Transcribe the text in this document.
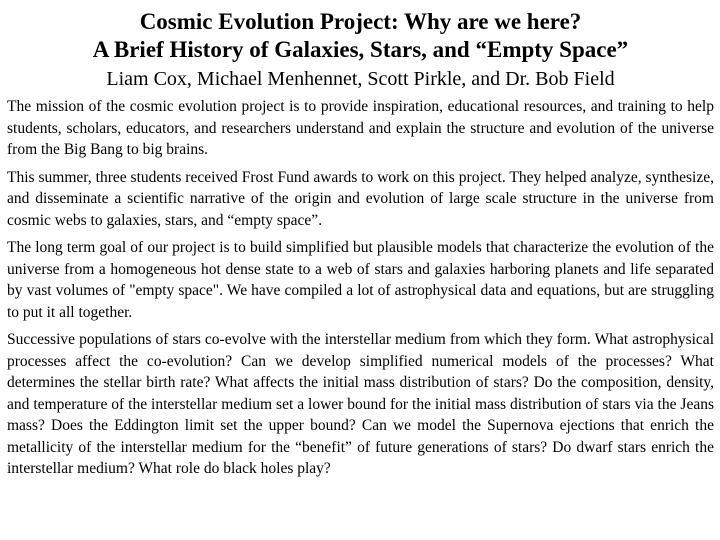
Cosmic Evolution Project: Why are we here?
A Brief History of Galaxies, Stars, and “Empty Space”
Liam Cox, Michael Menhennet, Scott Pirkle, and Dr. Bob Field

The mission of the cosmic evolution project is to provide inspiration, educational resources, and training to help students, scholars, educators, and researchers understand and explain the structure and evolution of the universe from the Big Bang to big brains.

This summer, three students received Frost Fund awards to work on this project. They helped analyze, synthesize, and disseminate a scientific narrative of the origin and evolution of large scale structure in the universe from cosmic webs to galaxies, stars, and “empty space”.

The long term goal of our project is to build simplified but plausible models that characterize the evolution of the universe from a homogeneous hot dense state to a web of stars and galaxies harboring planets and life separated by vast volumes of "empty space". We have compiled a lot of astrophysical data and equations, but are struggling to put it all together.

Successive populations of stars co-evolve with the interstellar medium from which they form. What astrophysical processes affect the co-evolution? Can we develop simplified numerical models of the processes? What determines the stellar birth rate? What affects the initial mass distribution of stars? Do the composition, density, and temperature of the interstellar medium set a lower bound for the initial mass distribution of stars via the Jeans mass? Does the Eddington limit set the upper bound? Can we model the Supernova ejections that enrich the metallicity of the interstellar medium for the “benefit” of future generations of stars? Do dwarf stars enrich the interstellar medium? What role do black holes play?
